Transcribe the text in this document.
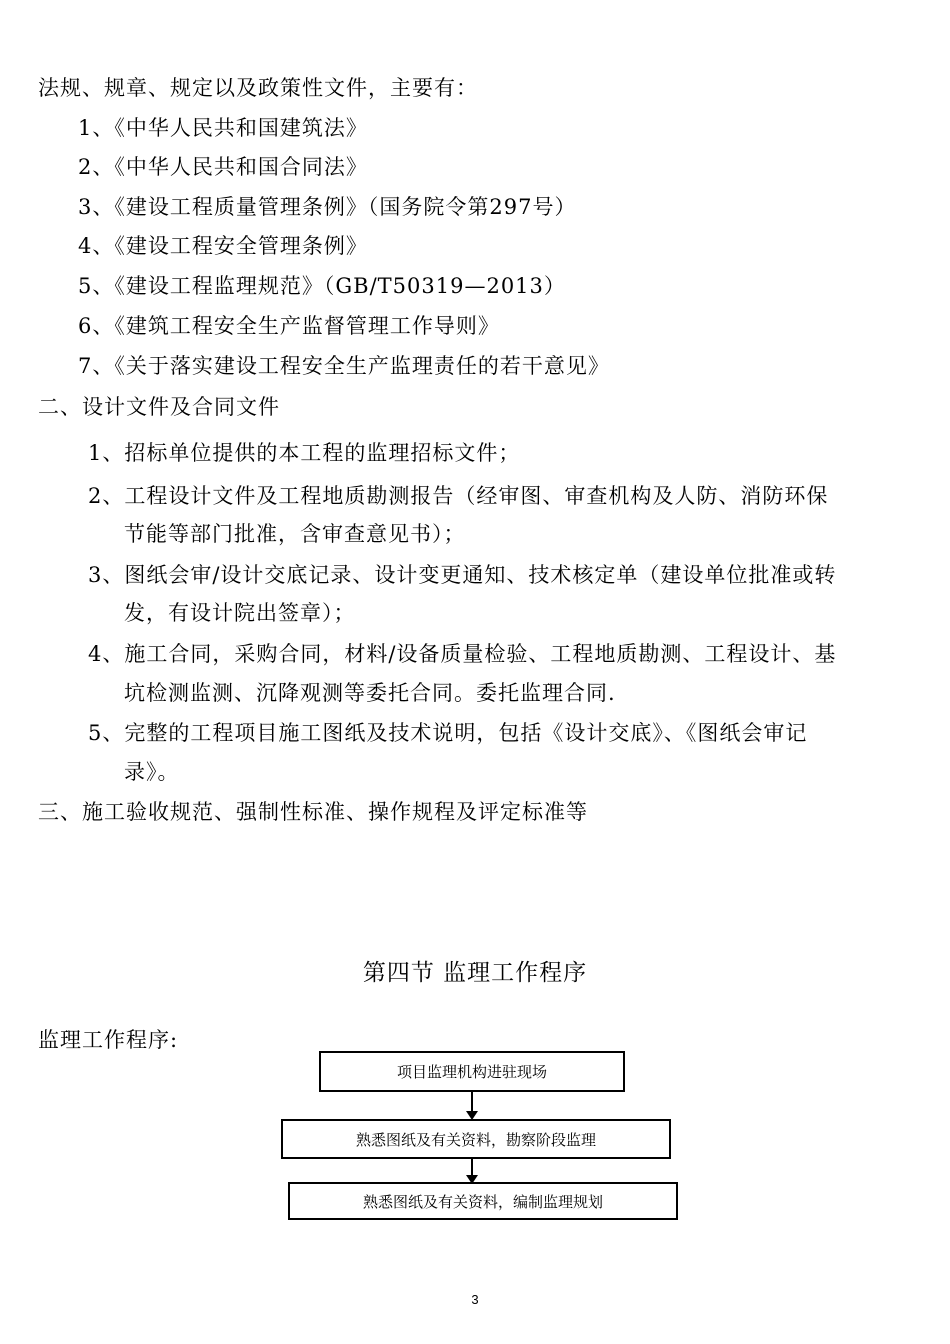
法规、规章、规定以及政策性文件，主要有：
1、《中华人民共和国建筑法》
2、《中华人民共和国合同法》
3、《建设工程质量管理条例》（国务院令第297号）
4、《建设工程安全管理条例》
5、《建设工程监理规范》（GB/T50319—2013）
6、《建筑工程安全生产监督管理工作导则》
7、《关于落实建设工程安全生产监理责任的若干意见》
二、设计文件及合同文件
1、招标单位提供的本工程的监理招标文件；
2、工程设计文件及工程地质勘测报告（经审图、审查机构及人防、消防环保
节能等部门批准，含审查意见书）；
3、图纸会审/设计交底记录、设计变更通知、技术核定单（建设单位批准或转
发，有设计院出签章）；
4、施工合同，采购合同，材料/设备质量检验、工程地质勘测、工程设计、基
坑检测监测、沉降观测等委托合同。委托监理合同.
5、完整的工程项目施工图纸及技术说明，包括《设计交底》、《图纸会审记
录》。
三、施工验收规范、强制性标准、操作规程及评定标准等
第四节 监理工作程序
监理工作程序:
项目监理机构进驻现场
熟悉图纸及有关资料，勘察阶段监理
熟悉图纸及有关资料，编制监理规划
3
